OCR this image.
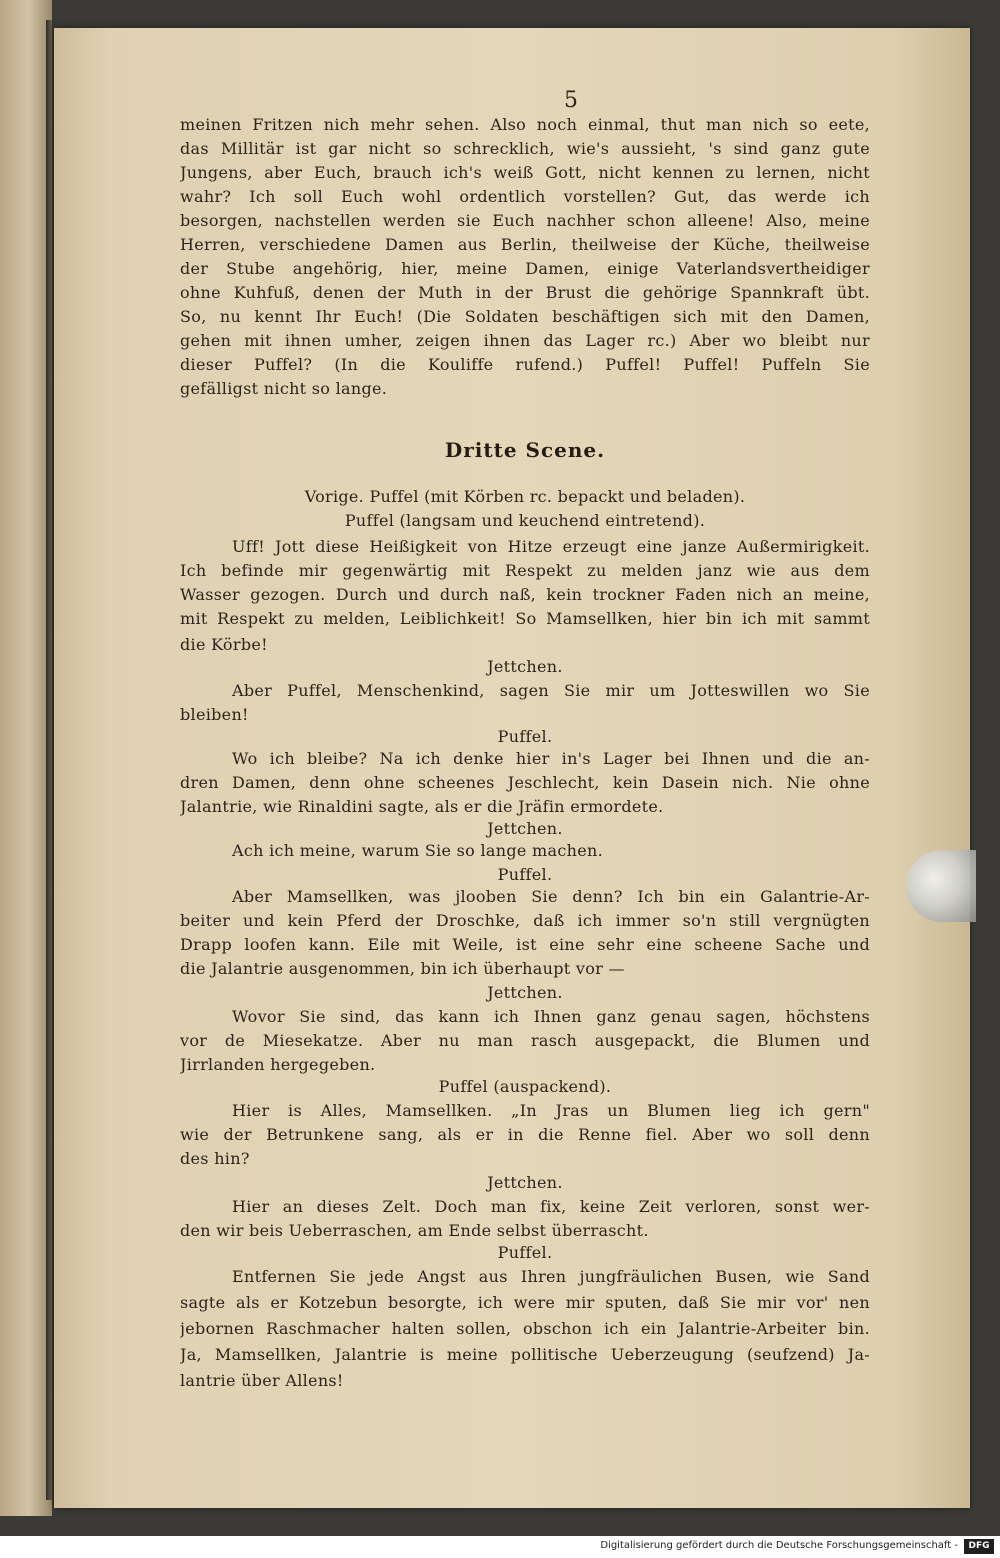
5
meinen Fritzen nich mehr sehen. Also noch einmal, thut man nich so eete,
das Millitär ist gar nicht so schrecklich, wie's aussieht, 's sind ganz gute
Jungens, aber Euch, brauch ich's weiß Gott, nicht kennen zu lernen, nicht
wahr? Ich soll Euch wohl ordentlich vorstellen? Gut, das werde ich
besorgen, nachstellen werden sie Euch nachher schon alleene! Also, meine
Herren, verschiedene Damen aus Berlin, theilweise der Küche, theilweise
der Stube angehörig, hier, meine Damen, einige Vaterlandsvertheidiger
ohne Kuhfuß, denen der Muth in der Brust die gehörige Spannkraft übt.
So, nu kennt Ihr Euch! (Die Soldaten beschäftigen sich mit den Damen,
gehen mit ihnen umher, zeigen ihnen das Lager rc.) Aber wo bleibt nur
dieser Puffel? (In die Kouliffe rufend.) Puffel! Puffel! Puffeln Sie
gefälligst nicht so lange.
Dritte Scene.
Vorige. Puffel (mit Körben rc. bepackt und beladen).
Puffel (langsam und keuchend eintretend).
Uff! Jott diese Heißigkeit von Hitze erzeugt eine janze Außermirigkeit.
Ich befinde mir gegenwärtig mit Respekt zu melden janz wie aus dem
Wasser gezogen. Durch und durch naß, kein trockner Faden nich an meine,
mit Respekt zu melden, Leiblichkeit! So Mamsellken, hier bin ich mit sammt
die Körbe!
Jettchen.
Aber Puffel, Menschenkind, sagen Sie mir um Jotteswillen wo Sie
bleiben!
Puffel.
Wo ich bleibe? Na ich denke hier in's Lager bei Ihnen und die an-
dren Damen, denn ohne scheenes Jeschlecht, kein Dasein nich. Nie ohne
Jalantrie, wie Rinaldini sagte, als er die Jräfin ermordete.
Jettchen.
Ach ich meine, warum Sie so lange machen.
Puffel.
Aber Mamsellken, was jlooben Sie denn? Ich bin ein Galantrie-Ar-
beiter und kein Pferd der Droschke, daß ich immer so'n still vergnügten
Drapp loofen kann. Eile mit Weile, ist eine sehr eine scheene Sache und
die Jalantrie ausgenommen, bin ich überhaupt vor —
Jettchen.
Wovor Sie sind, das kann ich Ihnen ganz genau sagen, höchstens
vor de Miesekatze. Aber nu man rasch ausgepackt, die Blumen und
Jirrlanden hergegeben.
Puffel (auspackend).
Hier is Alles, Mamsellken. „In Jras un Blumen lieg ich gern"
wie der Betrunkene sang, als er in die Renne fiel. Aber wo soll denn
des hin?
Jettchen.
Hier an dieses Zelt. Doch man fix, keine Zeit verloren, sonst wer-
den wir beis Ueberraschen, am Ende selbst überrascht.
Puffel.
Entfernen Sie jede Angst aus Ihren jungfräulichen Busen, wie Sand
sagte als er Kotzebun besorgte, ich were mir sputen, daß Sie mir vor' nen
jebornen Raschmacher halten sollen, obschon ich ein Jalantrie-Arbeiter bin.
Ja, Mamsellken, Jalantrie is meine pollitische Ueberzeugung (seufzend) Ja-
lantrie über Allens!
Digitalisierung gefördert durch die Deutsche Forschungsgemeinschaft -	DFG
